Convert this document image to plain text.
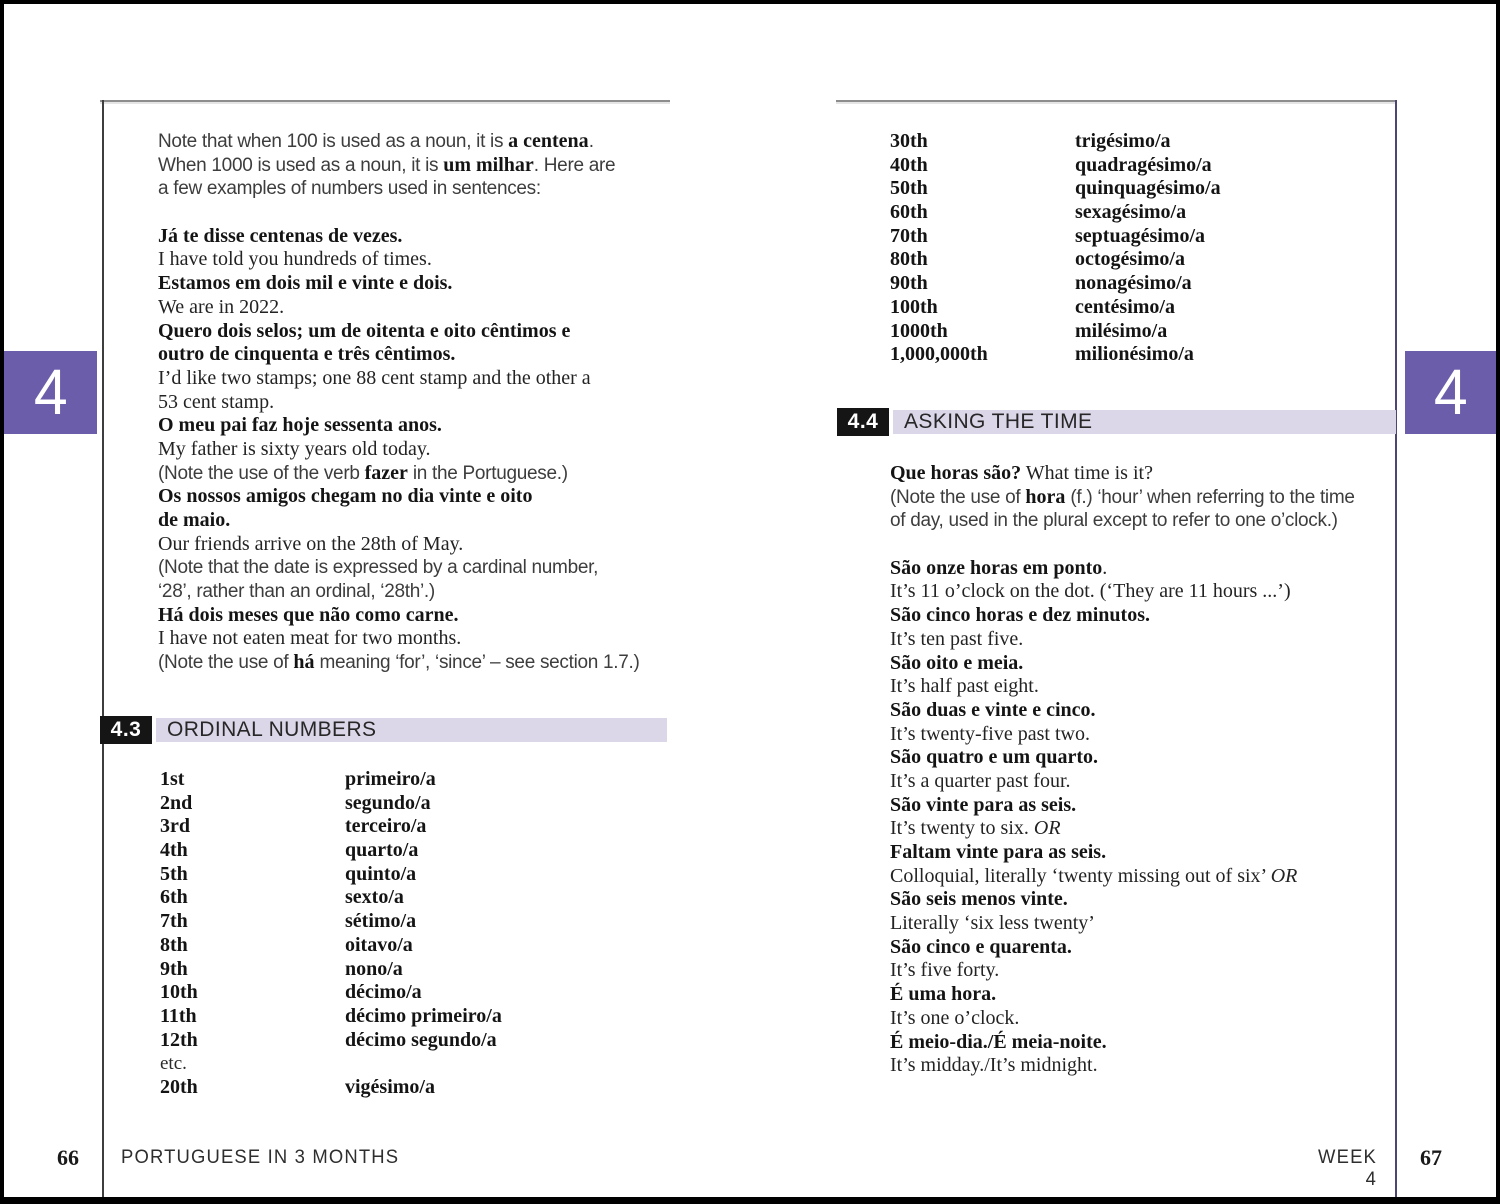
4	4
Note that when 100 is used as a noun, it is a centena.
When 1000 is used as a noun, it is um milhar. Here are
a few examples of numbers used in sentences:
Já te disse centenas de vezes.
I have told you hundreds of times.
Estamos em dois mil e vinte e dois.
We are in 2022.
Quero dois selos; um de oitenta e oito cêntimos e
outro de cinquenta e três cêntimos.
I’d like two stamps; one 88 cent stamp and the other a
53 cent stamp.
O meu pai faz hoje sessenta anos.
My father is sixty years old today.
(Note the use of the verb fazer in the Portuguese.)
Os nossos amigos chegam no dia vinte e oito
de maio.
Our friends arrive on the 28th of May.
(Note that the date is expressed by a cardinal number,
‘28’, rather than an ordinal, ‘28th’.)
Há dois meses que não como carne.
I have not eaten meat for two months.
(Note the use of há meaning ‘for’, ‘since’ – see section 1.7.)
4.3	ORDINAL NUMBERS
1st	primeiro/a
2nd	segundo/a
3rd	terceiro/a
4th	quarto/a
5th	quinto/a
6th	sexto/a
7th	sétimo/a
8th	oitavo/a
9th	nono/a
10th	décimo/a
11th	décimo primeiro/a
12th	décimo segundo/a
etc.
20th	vigésimo/a
30th	trigésimo/a
40th	quadragésimo/a
50th	quinquagésimo/a
60th	sexagésimo/a
70th	septuagésimo/a
80th	octogésimo/a
90th	nonagésimo/a
100th	centésimo/a
1000th	milésimo/a
1,000,000th	milionésimo/a
4.4	ASKING THE TIME
Que horas são? What time is it?
(Note the use of hora (f.) ‘hour’ when referring to the time
of day, used in the plural except to refer to one o’clock.)
São onze horas em ponto.
It’s 11 o’clock on the dot. (‘They are 11 hours ...’)
São cinco horas e dez minutos.
It’s ten past five.
São oito e meia.
It’s half past eight.
São duas e vinte e cinco.
It’s twenty-five past two.
São quatro e um quarto.
It’s a quarter past four.
São vinte para as seis.
It’s twenty to six. OR
Faltam vinte para as seis.
Colloquial, literally ‘twenty missing out of six’ OR
São seis menos vinte.
Literally ‘six less twenty’
São cinco e quarenta.
It’s five forty.
É uma hora.
It’s one o’clock.
É meio-dia./É meia-noite.
It’s midday./It’s midnight.
66 PORTUGUESE IN 3 MONTHS	WEEK 4
67
